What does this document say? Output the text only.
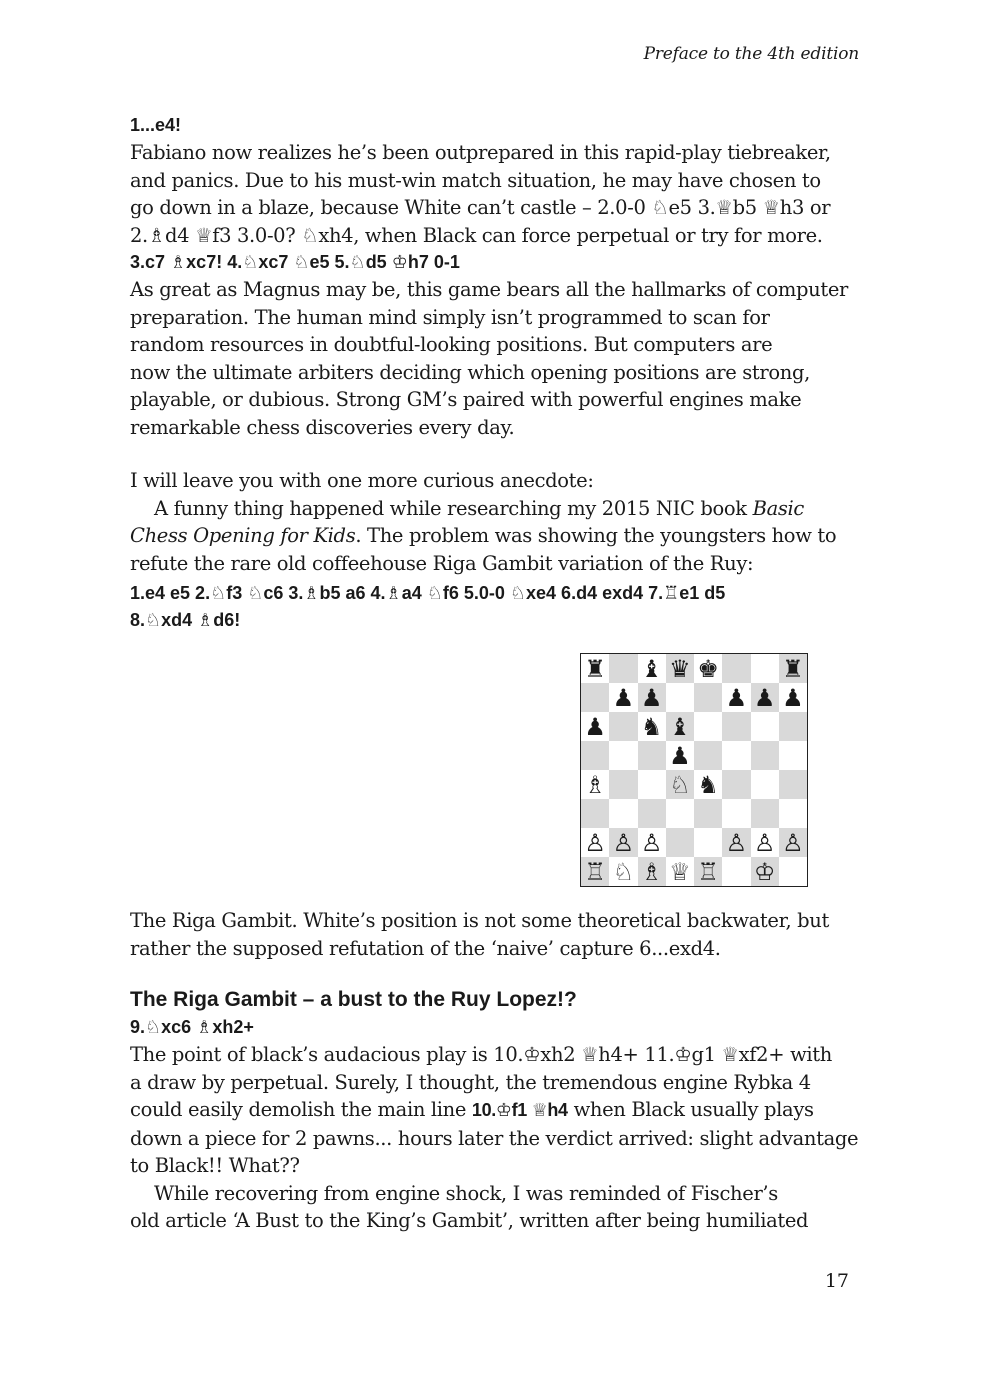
Preface to the 4th edition
1...e4!
Fabiano now realizes he’s been outprepared in this rapid-play tiebreaker,
and panics. Due to his must-win match situation, he may have chosen to
go down in a blaze, because White can’t castle – 2.0-0 ♘e5 3.♕b5 ♕h3 or
2.♗d4 ♕f3 3.0-0? ♘xh4, when Black can force perpetual or try for more.
3.c7 ♗xc7! 4.♘xc7 ♘e5 5.♘d5 ♔h7 0-1
As great as Magnus may be, this game bears all the hallmarks of computer
preparation. The human mind simply isn’t programmed to scan for
random resources in doubtful-looking positions. But computers are
now the ultimate arbiters deciding which opening positions are strong,
playable, or dubious. Strong GM’s paired with powerful engines make
remarkable chess discoveries every day.
I will leave you with one more curious anecdote:
A funny thing happened while researching my 2015 NIC book Basic
Chess Opening for Kids. The problem was showing the youngsters how to
refute the rare old coffeehouse Riga Gambit variation of the Ruy:
1.e4 e5 2.♘f3 ♘c6 3.♗b5 a6 4.♗a4 ♘f6 5.0-0 ♘xe4 6.d4 exd4 7.♖e1 d5
8.♘xd4 ♗d6!
♜ ♝ ♛ ♚	♜
♟ ♟	♟ ♟ ♟
♟ ♞ ♝
♟
♗	♘ ♞
♙ ♙ ♙	♙ ♙ ♙
♖ ♘ ♗ ♕ ♖ ♔
The Riga Gambit. White’s position is not some theoretical backwater, but
rather the supposed refutation of the ‘naive’ capture 6...exd4.
The Riga Gambit – a bust to the Ruy Lopez!?
9.♘xc6 ♗xh2+
The point of black’s audacious play is 10.♔xh2 ♕h4+ 11.♔g1 ♕xf2+ with
a draw by perpetual. Surely, I thought, the tremendous engine Rybka 4
could easily demolish the main line 10.♔f1 ♕h4 when Black usually plays
down a piece for 2 pawns... hours later the verdict arrived: slight advantage
to Black!! What??
While recovering from engine shock, I was reminded of Fischer’s
old article ‘A Bust to the King’s Gambit’, written after being humiliated
17
